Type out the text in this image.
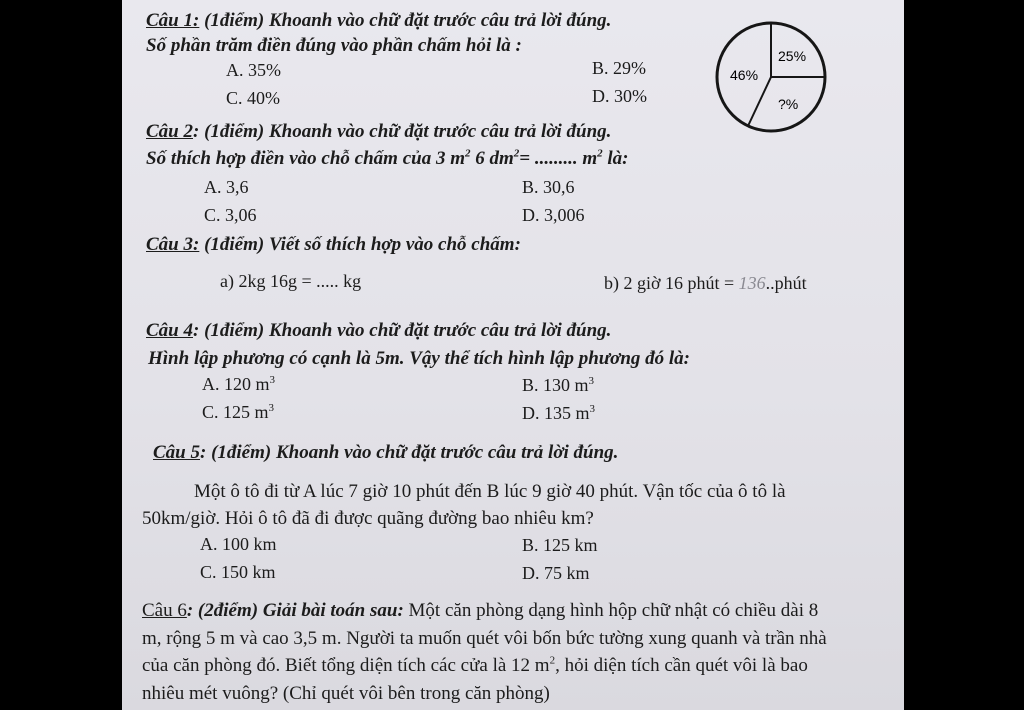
Câu 1: (1điểm) Khoanh vào chữ đặt trước câu trả lời đúng.
Số phần trăm điền đúng vào phần chấm hỏi là :
A. 35%	B. 29%
C. 40%	D. 30%
25%
46%
?%
Câu 2: (1điểm) Khoanh vào chữ đặt trước câu trả lời đúng.
Số thích hợp điền vào chỗ chấm của 3 $m^2$ 6 $dm^2=$ ......... $m^2$ là:
A. 3,6	B. 30,6
C. 3,06	D. 3,006
Câu 3: (1điểm) Viết số thích hợp vào chỗ chấm:
a) 2kg 16g = ..... kg	b) 2 giờ 16 phút = 136..phút
Câu 4: (1điểm) Khoanh vào chữ đặt trước câu trả lời đúng.
Hình lập phương có cạnh là 5m. Vậy thể tích hình lập phương đó là:
A. 120 $m^3$	B. 130 $m^3$
C. 125 $m^3$	D. 135 $m^3$
Câu 5: (1điểm) Khoanh vào chữ đặt trước câu trả lời đúng.
Một ô tô đi từ A lúc 7 giờ 10 phút đến B lúc 9 giờ 40 phút. Vận tốc của ô tô là
50km/giờ. Hỏi ô tô đã đi được quãng đường bao nhiêu km?
A. 100 km	B. 125 km
C. 150 km	D. 75 km
Câu 6: (2điểm) Giải bài toán sau: Một căn phòng dạng hình hộp chữ nhật có chiều dài 8
m, rộng 5 m và cao 3,5 m. Người ta muốn quét vôi bốn bức tường xung quanh và trần nhà
của căn phòng đó. Biết tổng diện tích các cửa là 12 $m^2$, hỏi diện tích cần quét vôi là bao
nhiêu mét vuông? (Chỉ quét vôi bên trong căn phòng)
